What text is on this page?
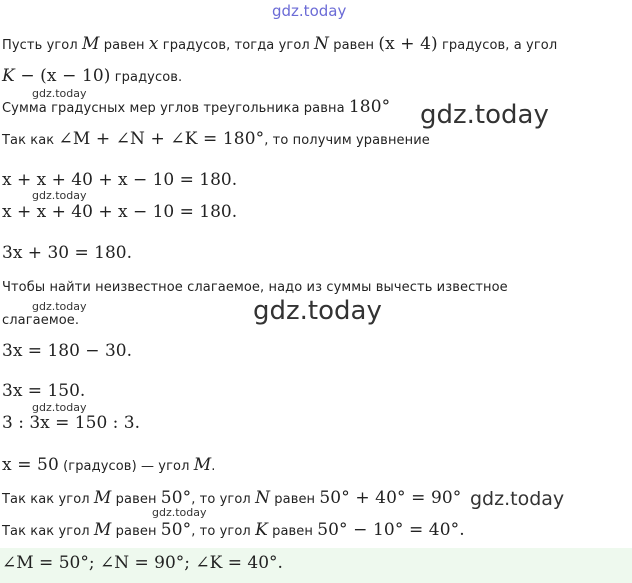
gdz.today
Пусть угол M равен x градусов, тогда угол N равен (x + 4) градусов, а угол
K − (x − 10) градусов.
gdz.today
Сумма градусных мер углов треугольника равна 180° gdz.today
Так как ∠M + ∠N + ∠K = 180°, то получим уравнение
x + x + 40 + x − 10 = 180.
gdz.today
x + x + 40 + x − 10 = 180.
3x + 30 = 180.
Чтобы найти неизвестное слагаемое, надо из суммы вычесть известное
gdz.today
слагаемое.	gdz.today
3x = 180 − 30.
3x = 150.
gdz.today
3 : 3x = 150 : 3.
x = 50 (градусов) — угол M.
Так как угол M равен 50°, то угол N равен 50° + 40° = 90° gdz.today
gdz.today
Так как угол M равен 50°, то угол K равен 50° − 10° = 40°.
∠M = 50°; ∠N = 90°; ∠K = 40°.
